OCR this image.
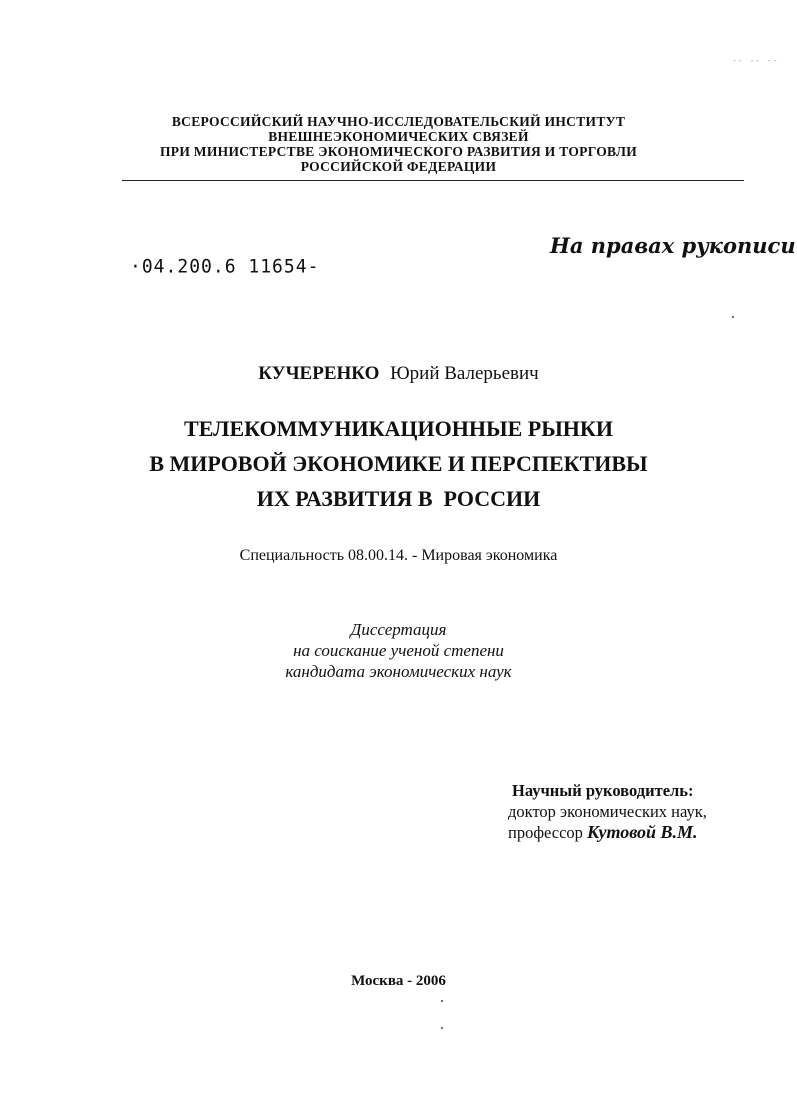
-- -- --
ВСЕРОССИЙСКИЙ НАУЧНО-ИССЛЕДОВАТЕЛЬСКИЙ ИНСТИТУТ
ВНЕШНЕЭКОНОМИЧЕСКИХ СВЯЗЕЙ
ПРИ МИНИСТЕРСТВЕ ЭКОНОМИЧЕСКОГО РАЗВИТИЯ И ТОРГОВЛИ
РОССИЙСКОЙ ФЕДЕРАЦИИ
·04.200.6 11654-
На правах рукописи
КУЧЕРЕНКО Юрий Валерьевич
ТЕЛЕКОММУНИКАЦИОННЫЕ РЫНКИ
В МИРОВОЙ ЭКОНОМИКЕ И ПЕРСПЕКТИВЫ
ИХ РАЗВИТИЯ В  РОССИИ
Специальность 08.00.14. - Мировая экономика
Диссертация
на соискание ученой степени
кандидата экономических наук
Научный руководитель:
доктор экономических наук,
профессор Кутовой В.М.
Москва - 2006
